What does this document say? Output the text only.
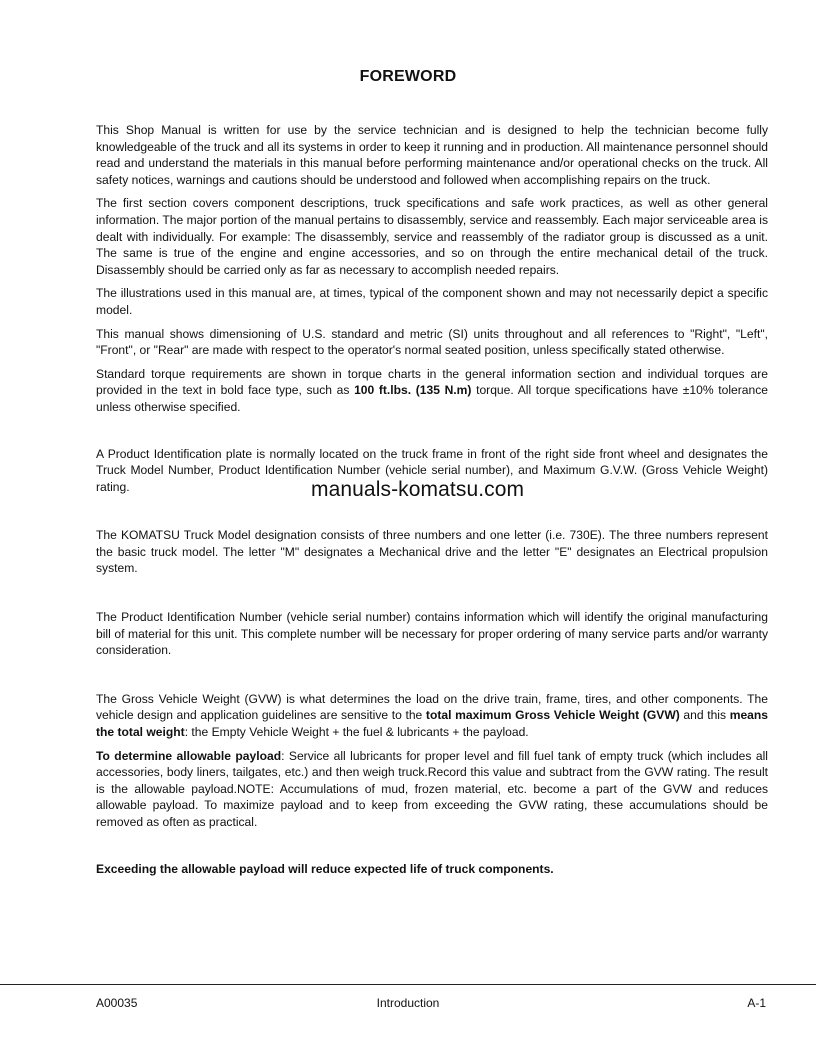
FOREWORD

This Shop Manual is written for use by the service technician and is designed to help the technician become fully knowledgeable of the truck and all its systems in order to keep it running and in production. All maintenance personnel should read and understand the materials in this manual before performing maintenance and/or operational checks on the truck. All safety notices, warnings and cautions should be understood and followed when accomplishing repairs on the truck.

The first section covers component descriptions, truck specifications and safe work practices, as well as other general information. The major portion of the manual pertains to disassembly, service and reassembly. Each major serviceable area is dealt with individually. For example: The disassembly, service and reassembly of the radiator group is discussed as a unit. The same is true of the engine and engine accessories, and so on through the entire mechanical detail of the truck. Disassembly should be carried only as far as necessary to accomplish needed repairs.

The illustrations used in this manual are, at times, typical of the component shown and may not necessarily depict a specific model.

This manual shows dimensioning of U.S. standard and metric (SI) units throughout and all references to "Right", "Left", "Front", or "Rear" are made with respect to the operator's normal seated position, unless specifically stated otherwise.

Standard torque requirements are shown in torque charts in the general information section and individual torques are provided in the text in bold face type, such as 100 ft.lbs. (135 N.m) torque. All torque specifications have ±10% tolerance unless otherwise specified.

A Product Identification plate is normally located on the truck frame in front of the right side front wheel and designates the Truck Model Number, Product Identification Number (vehicle serial number), and Maximum G.V.W. (Gross Vehicle Weight) rating.

The KOMATSU Truck Model designation consists of three numbers and one letter (i.e. 730E). The three numbers represent the basic truck model. The letter "M" designates a Mechanical drive and the letter "E" designates an Electrical propulsion system.

The Product Identification Number (vehicle serial number) contains information which will identify the original manufacturing bill of material for this unit. This complete number will be necessary for proper ordering of many service parts and/or warranty consideration.

The Gross Vehicle Weight (GVW) is what determines the load on the drive train, frame, tires, and other components. The vehicle design and application guidelines are sensitive to the total maximum Gross Vehicle Weight (GVW) and this means the total weight: the Empty Vehicle Weight + the fuel & lubricants + the payload.

To determine allowable payload: Service all lubricants for proper level and fill fuel tank of empty truck (which includes all accessories, body liners, tailgates, etc.) and then weigh truck.Record this value and subtract from the GVW rating. The result is the allowable payload.NOTE: Accumulations of mud, frozen material, etc. become a part of the GVW and reduces allowable payload. To maximize payload and to keep from exceeding the GVW rating, these accumulations should be removed as often as practical.

Exceeding the allowable payload will reduce expected life of truck components.

manuals-komatsu.com
A00035	Introduction	A-1
